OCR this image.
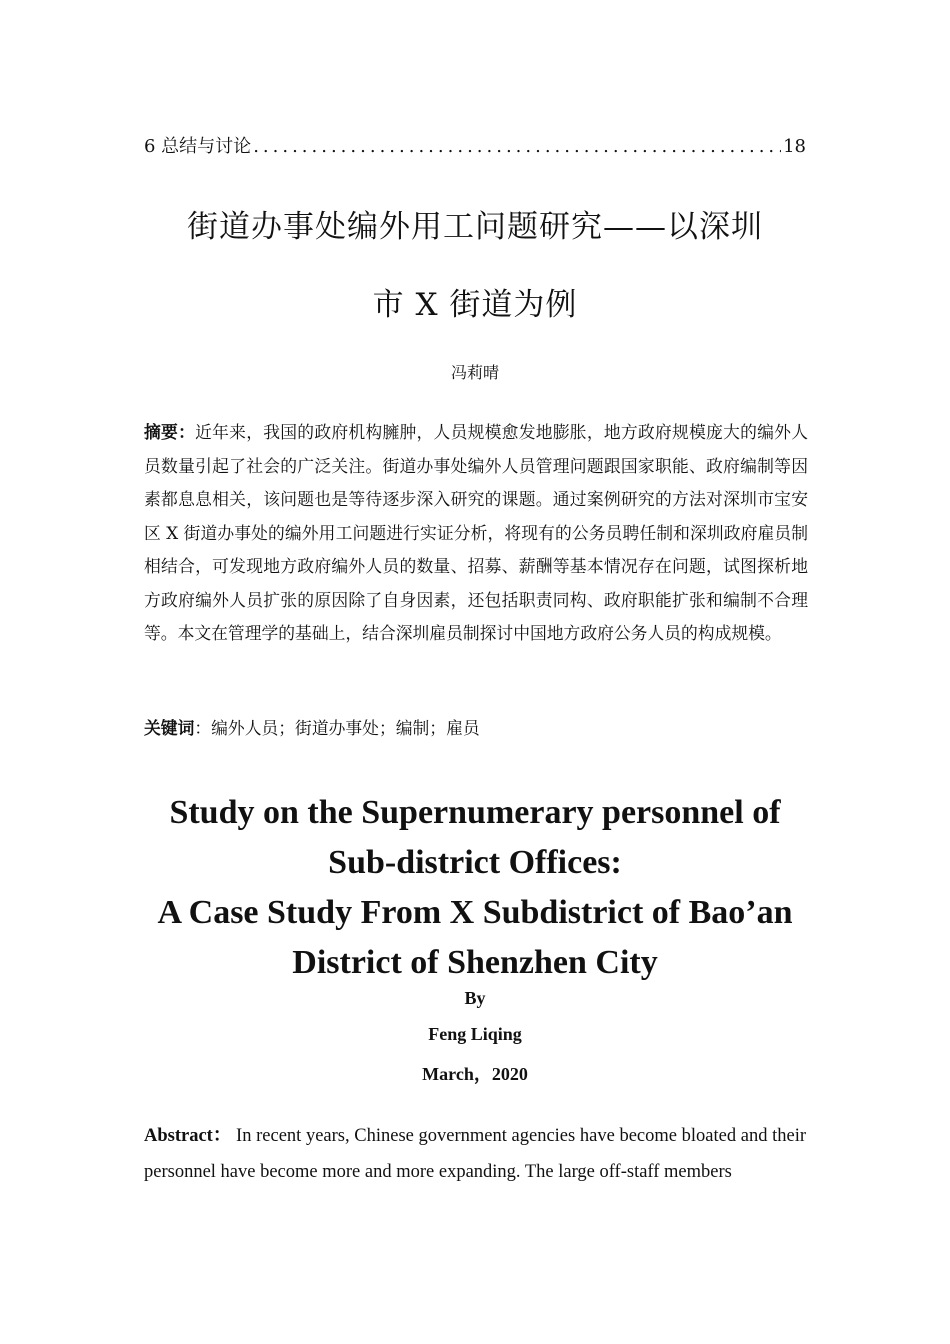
6 总结与讨论
.....	18
街道办事处编外用工问题研究——以深圳
市 X 街道为例
冯莉晴

摘要：近年来，我国的政府机构臃肿，人员规模愈发地膨胀，地方政府规模庞大的编外人员数量引起了社会的广泛关注。街道办事处编外人员管理问题跟国家职能、政府编制等因素都息息相关，该问题也是等待逐步深入研究的课题。通过案例研究的方法对深圳市宝安区 X 街道办事处的编外用工问题进行实证分析，将现有的公务员聘任制和深圳政府雇员制相结合，可发现地方政府编外人员的数量、招募、薪酬等基本情况存在问题，试图探析地方政府编外人员扩张的原因除了自身因素，还包括职责同构、政府职能扩张和编制不合理等。本文在管理学的基础上，结合深圳雇员制探讨中国地方政府公务人员的构成规模。

关键词：编外人员；街道办事处；编制；雇员
Study on the Supernumerary personnel of
Sub-district Offices:
A Case Study From X Subdistrict of Bao’an
District of Shenzhen City
By
Feng Liqing
March，2020

Abstract： In recent years, Chinese government agencies have become bloated and their personnel have become more and more expanding. The large off-staff members
